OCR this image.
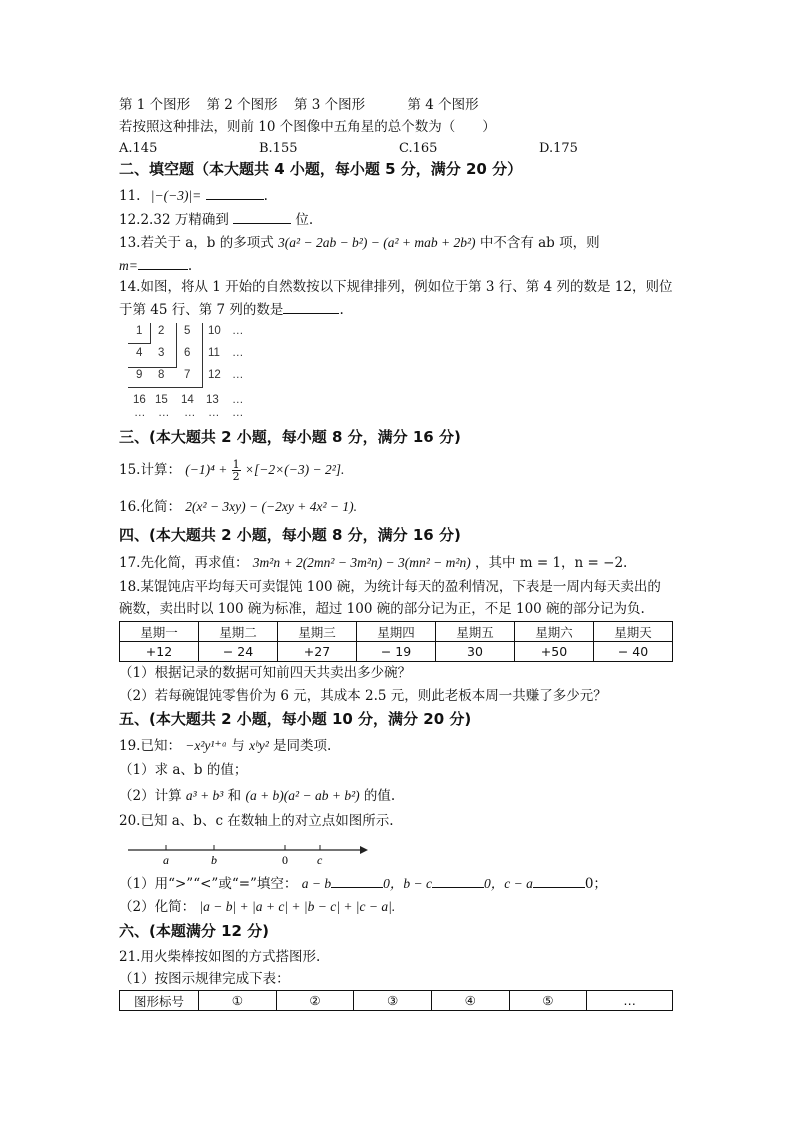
第 1 个图形 第 2 个图形 第 3 个图形	第 4 个图形
若按照这种排法，则前 10 个图像中五角星的总个数为（　　）
A.145	B.155	C.165	D.175
二、填空题（本大题共 4 小题，每小题 5 分，满分 20 分）
11. |−(−3)|=	.
12.2.32 万精确到	位.
13.若关于 a，b 的多项式 3(a² − 2ab − b²) − (a² + mab + 2b²) 中不含有 ab 项，则
m=	.
14.如图，将从 1 开始的自然数按以下规律排列，例如位于第 3 行、第 4 列的数是 12，则位
于第 45 行、第 7 列的数是	.
1 2 5 10 …
4 3 6 11 …
9 8 7 12 …
16 15 14 13 …
… … … … …
三、(本大题共 2 小题，每小题 8 分，满分 16 分)
15.计算： $(-1)^4 + \frac{1}{2} \times[-2\times(-3) - 2^2]$.
16.化简： 2(x² − 3xy) − (−2xy + 4x² − 1).
四、(本大题共 2 小题，每小题 8 分，满分 16 分)
17.先化简，再求值： 3m²n + 2(2mn² − 3m²n) − 3(mn² − m²n) ，其中 m = 1，n = −2.
18.某馄饨店平均每天可卖馄饨 100 碗，为统计每天的盈利情况，下表是一周内每天卖出的
碗数，卖出时以 100 碗为标准，超过 100 碗的部分记为正，不足 100 碗的部分记为负.
星期一	星期二	星期三	星期四	星期五	星期六	星期天
+12	− 24	+27	− 19	30	+50	− 40
（1）根据记录的数据可知前四天共卖出多少碗？
（2）若每碗馄饨零售价为 6 元，其成本 2.5 元，则此老板本周一共赚了多少元？
五、(本大题共 2 小题，每小题 10 分，满分 20 分)
19.已知： −x²y¹⁺ᵃ 与 xᵇy² 是同类项.
（1）求 a、b 的值；
（2）计算 a³ + b³ 和 (a + b)(a² − ab + b²) 的值.
20.已知 a、b、c 在数轴上的对立点如图所示.
a	b	0 c
（1）用“>”“<”或“=”填空： a − b	0，b − c	0，c − a	0；
（2）化简： |a − b| + |a + c| + |b − c| + |c − a|.
六、(本题满分 12 分)
21.用火柴棒按如图的方式搭图形.
（1）按图示规律完成下表：
图形标号	①	②	③	④	⑤	…
